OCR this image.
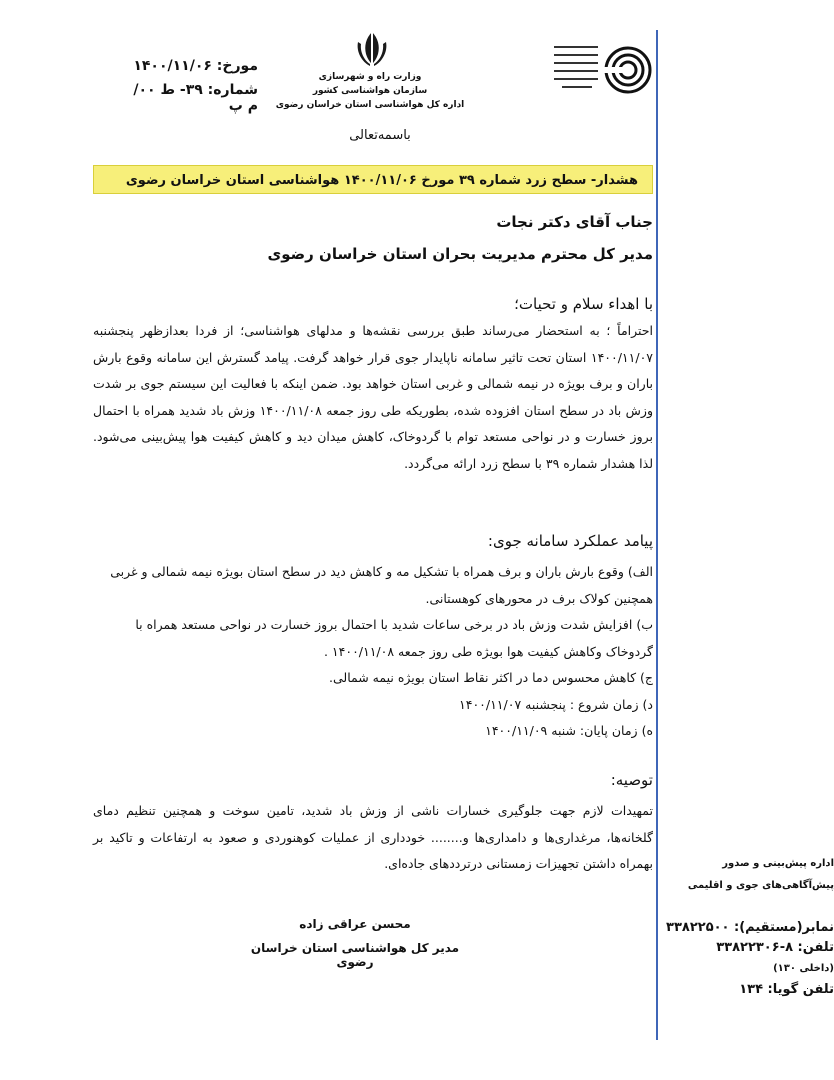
مورخ: ۱۴۰۰/۱۱/۰۶
شماره: ۳۹- ط ۰۰/ م پ
وزارت راه و شهرسازی
سازمان هواشناسی کشور
اداره کل هواشناسی استان خراسان رضوی
باسمه‌تعالی
هشدار- سطح زرد شماره ۳۹ مورخ ۱۴۰۰/۱۱/۰۶ هواشناسی استان خراسان رضوی
جناب آقای دکتر نجات
مدیر کل محترم مدیریت بحران استان خراسان رضوی
با اهداء سلام و تحیات؛
احتراماً ؛ به استحضار می‌رساند طبق بررسی نقشه‌ها و مدلهای هواشناسی؛ از فردا بعدازظهر پنجشنبه ۱۴۰۰/۱۱/۰۷ استان تحت تاثیر سامانه ناپایدار جوی قرار خواهد گرفت. پیامد گسترش این سامانه وقوع بارش باران و برف بویژه در نیمه شمالی و غربی استان خواهد بود. ضمن اینکه با فعالیت این سیستم جوی بر شدت وزش باد در سطح استان افزوده شده، بطوریکه طی روز جمعه ۱۴۰۰/۱۱/۰۸ وزش باد شدید همراه با احتمال بروز خسارت و در نواحی مستعد توام با گردوخاک، کاهش میدان دید و کاهش کیفیت هوا پیش‌بینی می‌شود. لذا هشدار شماره ۳۹ با سطح زرد ارائه می‌گردد.
پیامد عملکرد سامانه جوی:
الف) وقوع بارش باران و برف همراه با تشکیل مه و کاهش دید در سطح استان بویژه نیمه شمالی و غربی همچنین کولاک برف در محورهای کوهستانی.
ب) افزایش شدت وزش باد در برخی ساعات شدید با احتمال بروز خسارت در نواحی مستعد همراه با گردوخاک وکاهش کیفیت هوا بویژه طی روز جمعه ۱۴۰۰/۱۱/۰۸ .
ج) کاهش محسوس دما در اکثر نقاط استان بویژه نیمه شمالی.
د) زمان شروع : پنجشنبه ۱۴۰۰/۱۱/۰۷
ه) زمان پایان: شنبه ۱۴۰۰/۱۱/۰۹
توصیه:
تمهیدات لازم جهت جلوگیری خسارات ناشی از وزش باد شدید، تامین سوخت و همچنین تنظیم دمای گلخانه‌ها، مرغداری‌ها و دامداری‌ها و........ خودداری از عملیات کوهنوردی و صعود به ارتفاعات و تاکید بر بهمراه داشتن تجهیزات زمستانی درترددهای جاده‌ای.
محسن عراقی زاده
مدیر کل هواشناسی استان خراسان رضوی
اداره پیش‌بینی و صدور
پیش‌آگاهی‌های جوی و اقلیمی
نمابر(مستقیم): ۳۳۸۲۲۵۰۰
تلفن: ۸-۳۳۸۲۲۳۰۶
(داخلی ۱۳۰)
تلفن گویا: ۱۳۴
